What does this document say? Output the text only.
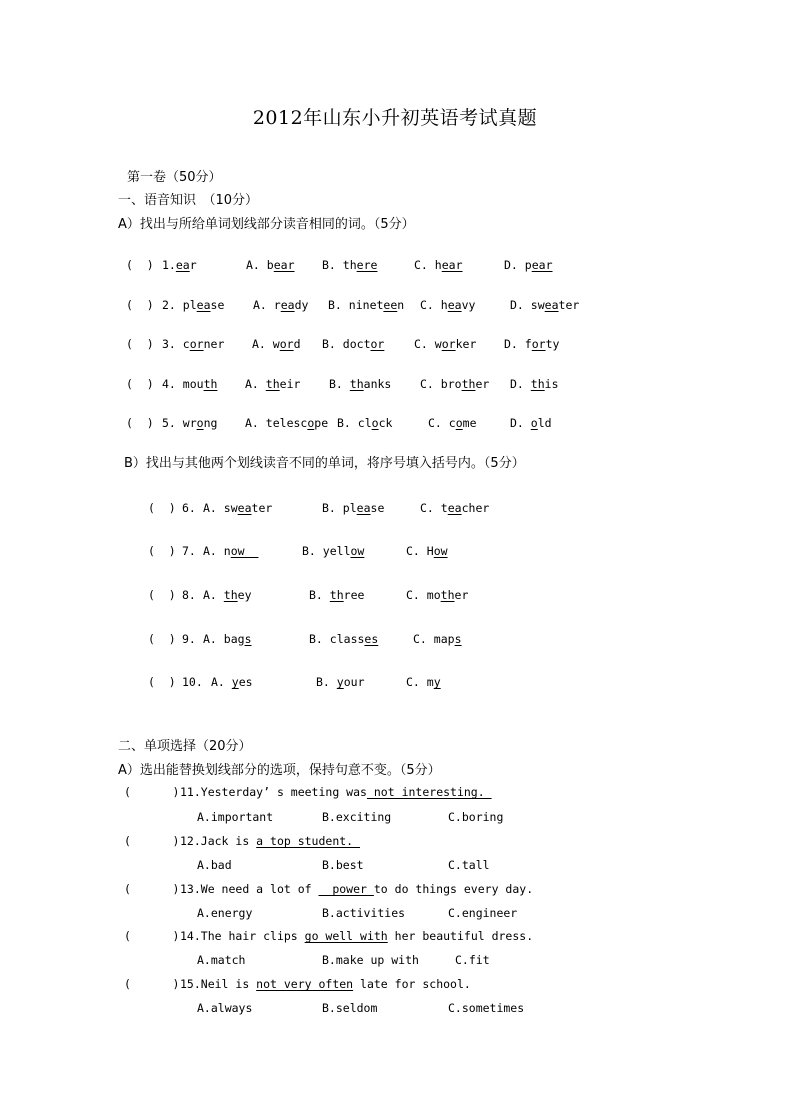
2012年山东小升初英语考试真题
第一卷（50分）
一、语音知识　（10分）
A）找出与所给单词划线部分读音相同的词。（5分）
(  ) 1.ear	A. bear B. there	C. hear	D. pear
(  ) 2. please A. ready B. nineteen C. heavy	D. sweater
(  ) 3. corner A. word B. doctor	C. worker D. forty
(  ) 4. mouth A. their B. thanks C. brother D. this
(  ) 5. wrong A. telescope B. clock	C. come	D. old
B）找出与其他两个划线读音不同的单词，将序号填入括号内。（5分）
(  ) 6. A. sweater	B. please	C. teacher
(  ) 7. A. now	B. yellow	C. How
(  ) 8. A. they	B. three	C. mother
(  ) 9. A. bags	B. classes	C. maps
(  ) 10. A. yes	B. your	C. my
二、单项选择（20分）
A）选出能替换划线部分的选项，保持句意不变。（5分）
(      ) 11.Yesterday’ s meeting was not interesting.
A.important	B.exciting	C.boring
(      ) 12.Jack is a top student.
A.bad	B.best	C.tall
(      ) 13.We need a lot of   power to do things every day.
A.energy	B.activities	C.engineer
(      ) 14.The hair clips go well with her beautiful dress.
A.match	B.make up with	C.fit
(      ) 15.Neil is not very often late for school.
A.always	B.seldom	C.sometimes
